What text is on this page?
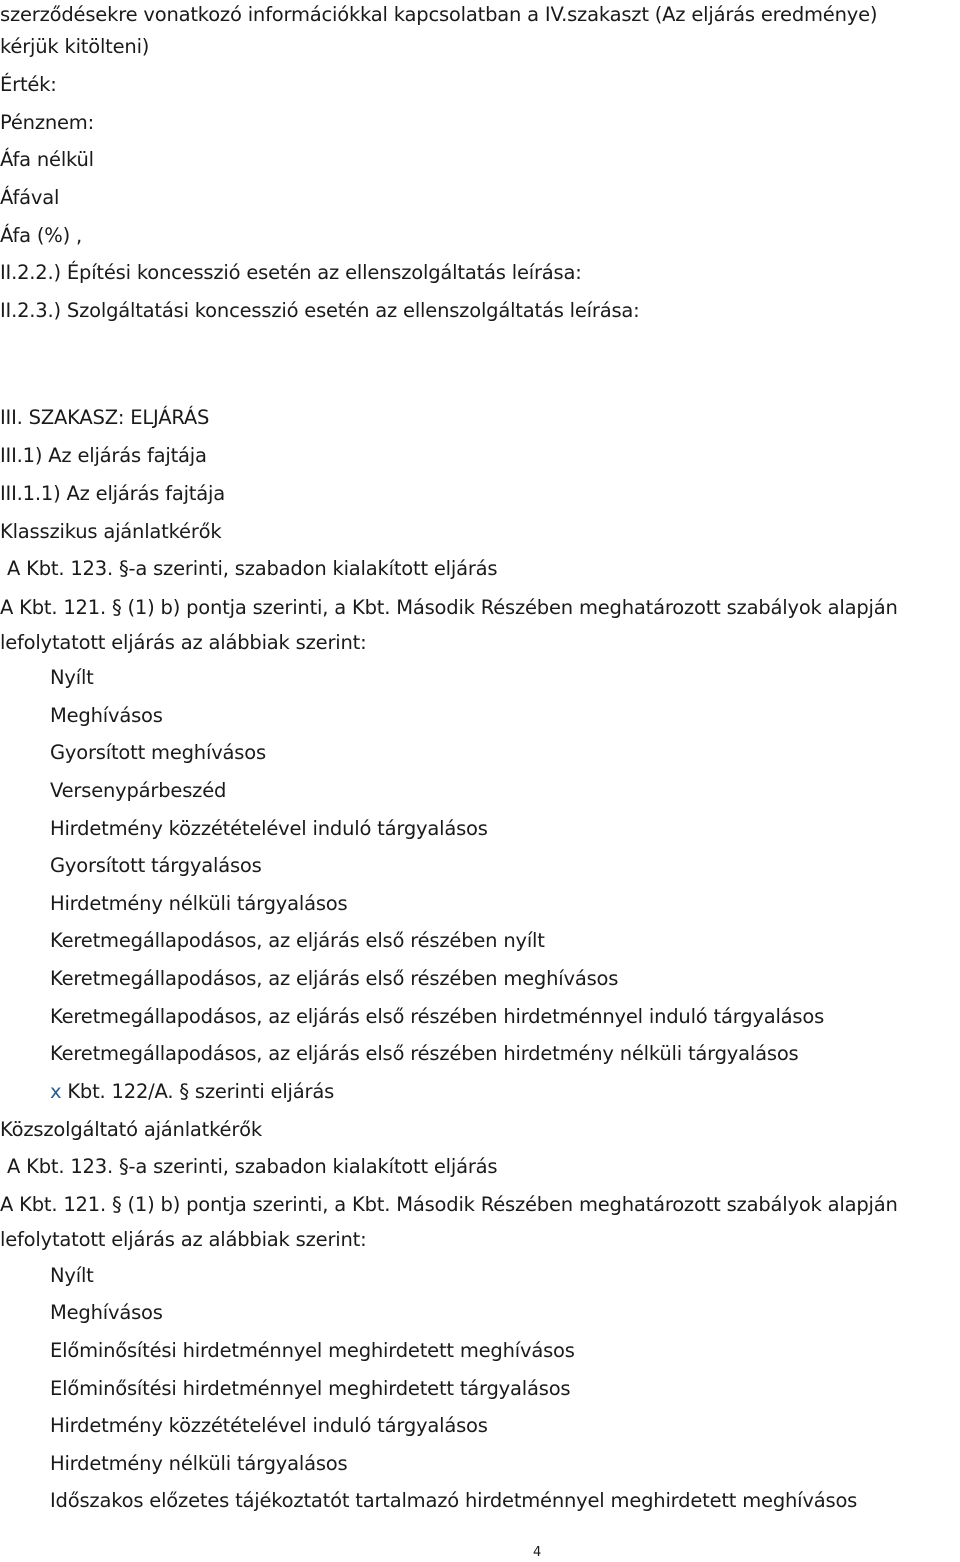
szerződésekre vonatkozó információkkal kapcsolatban a IV.szakaszt (Az eljárás eredménye)
kérjük kitölteni)
Érték:
Pénznem:
Áfa nélkül
Áfával
Áfa (%) ,
II.2.2.) Építési koncesszió esetén az ellenszolgáltatás leírása:
II.2.3.) Szolgáltatási koncesszió esetén az ellenszolgáltatás leírása:
III. SZAKASZ: ELJÁRÁS
III.1) Az eljárás fajtája
III.1.1) Az eljárás fajtája
Klasszikus ajánlatkérők
A Kbt. 123. §-a szerinti, szabadon kialakított eljárás
A Kbt. 121. § (1) b) pontja szerinti, a Kbt. Második Részében meghatározott szabályok alapján
lefolytatott eljárás az alábbiak szerint:
Nyílt
Meghívásos
Gyorsított meghívásos
Versenypárbeszéd
Hirdetmény közzétételével induló tárgyalásos
Gyorsított tárgyalásos
Hirdetmény nélküli tárgyalásos
Keretmegállapodásos, az eljárás első részében nyílt
Keretmegállapodásos, az eljárás első részében meghívásos
Keretmegállapodásos, az eljárás első részében hirdetménnyel induló tárgyalásos
Keretmegállapodásos, az eljárás első részében hirdetmény nélküli tárgyalásos
x Kbt. 122/A. § szerinti eljárás
Közszolgáltató ajánlatkérők
A Kbt. 123. §-a szerinti, szabadon kialakított eljárás
A Kbt. 121. § (1) b) pontja szerinti, a Kbt. Második Részében meghatározott szabályok alapján
lefolytatott eljárás az alábbiak szerint:
Nyílt
Meghívásos
Előminősítési hirdetménnyel meghirdetett meghívásos
Előminősítési hirdetménnyel meghirdetett tárgyalásos
Hirdetmény közzétételével induló tárgyalásos
Hirdetmény nélküli tárgyalásos
Időszakos előzetes tájékoztatót tartalmazó hirdetménnyel meghirdetett meghívásos
4
